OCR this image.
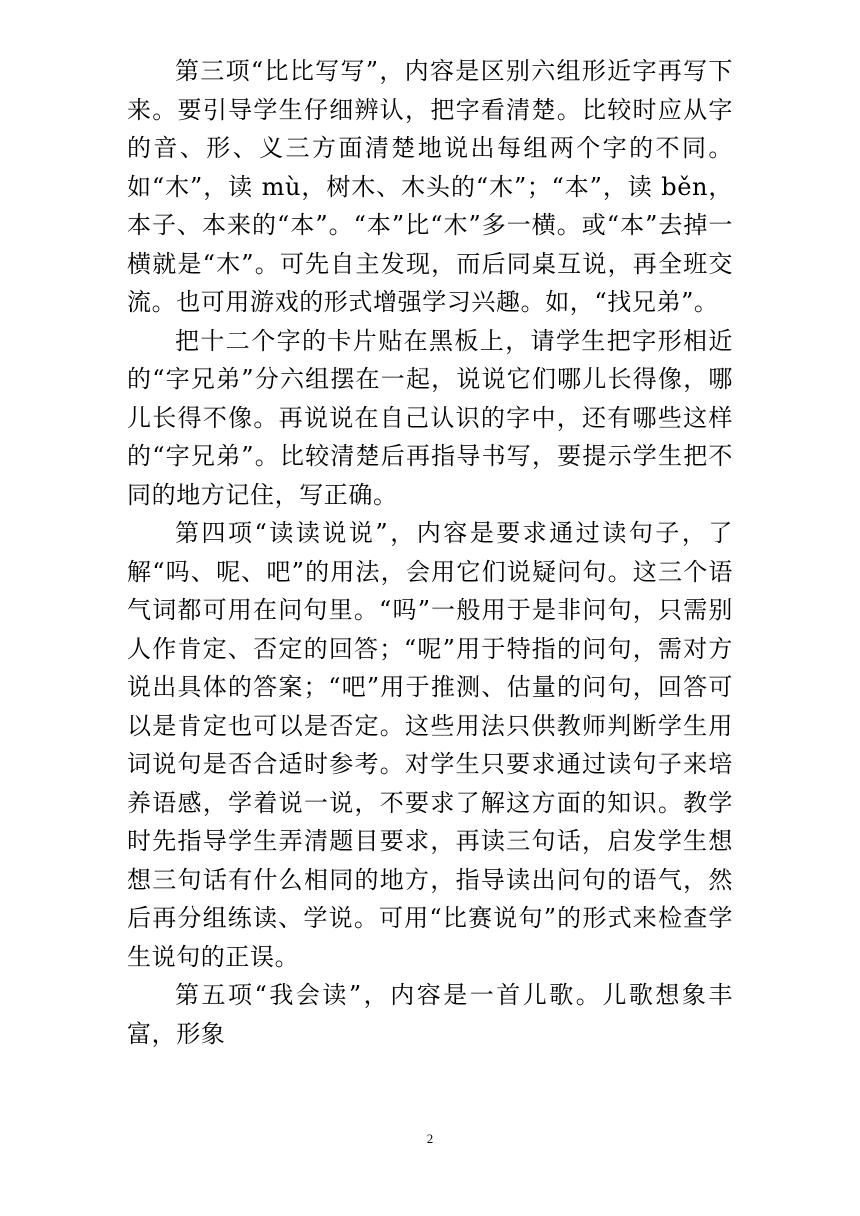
第三项“比比写写”，内容是区别六组形近字再写下来。要引导学生仔细辨认，把字看清楚。比较时应从字的音、形、义三方面清楚地说出每组两个字的不同。如“木”，读 mù，树木、木头的“木”；“本”，读 běn，本子、本来的“本”。“本”比“木”多一横。或“本”去掉一横就是“木”。可先自主发现，而后同桌互说，再全班交流。也可用游戏的形式增强学习兴趣。如，“找兄弟”。

把十二个字的卡片贴在黑板上，请学生把字形相近的“字兄弟”分六组摆在一起，说说它们哪儿长得像，哪儿长得不像。再说说在自己认识的字中，还有哪些这样的“字兄弟”。比较清楚后再指导书写，要提示学生把不同的地方记住，写正确。

第四项“读读说说”，内容是要求通过读句子，了解“吗、呢、吧”的用法，会用它们说疑问句。这三个语气词都可用在问句里。“吗”一般用于是非问句，只需别人作肯定、否定的回答；“呢”用于特指的问句，需对方说出具体的答案；“吧”用于推测、估量的问句，回答可以是肯定也可以是否定。这些用法只供教师判断学生用词说句是否合适时参考。对学生只要求通过读句子来培养语感，学着说一说，不要求了解这方面的知识。教学时先指导学生弄清题目要求，再读三句话，启发学生想想三句话有什么相同的地方，指导读出问句的语气，然后再分组练读、学说。可用“比赛说句”的形式来检查学生说句的正误。

第五项“我会读”，内容是一首儿歌。儿歌想象丰富，形象

2
